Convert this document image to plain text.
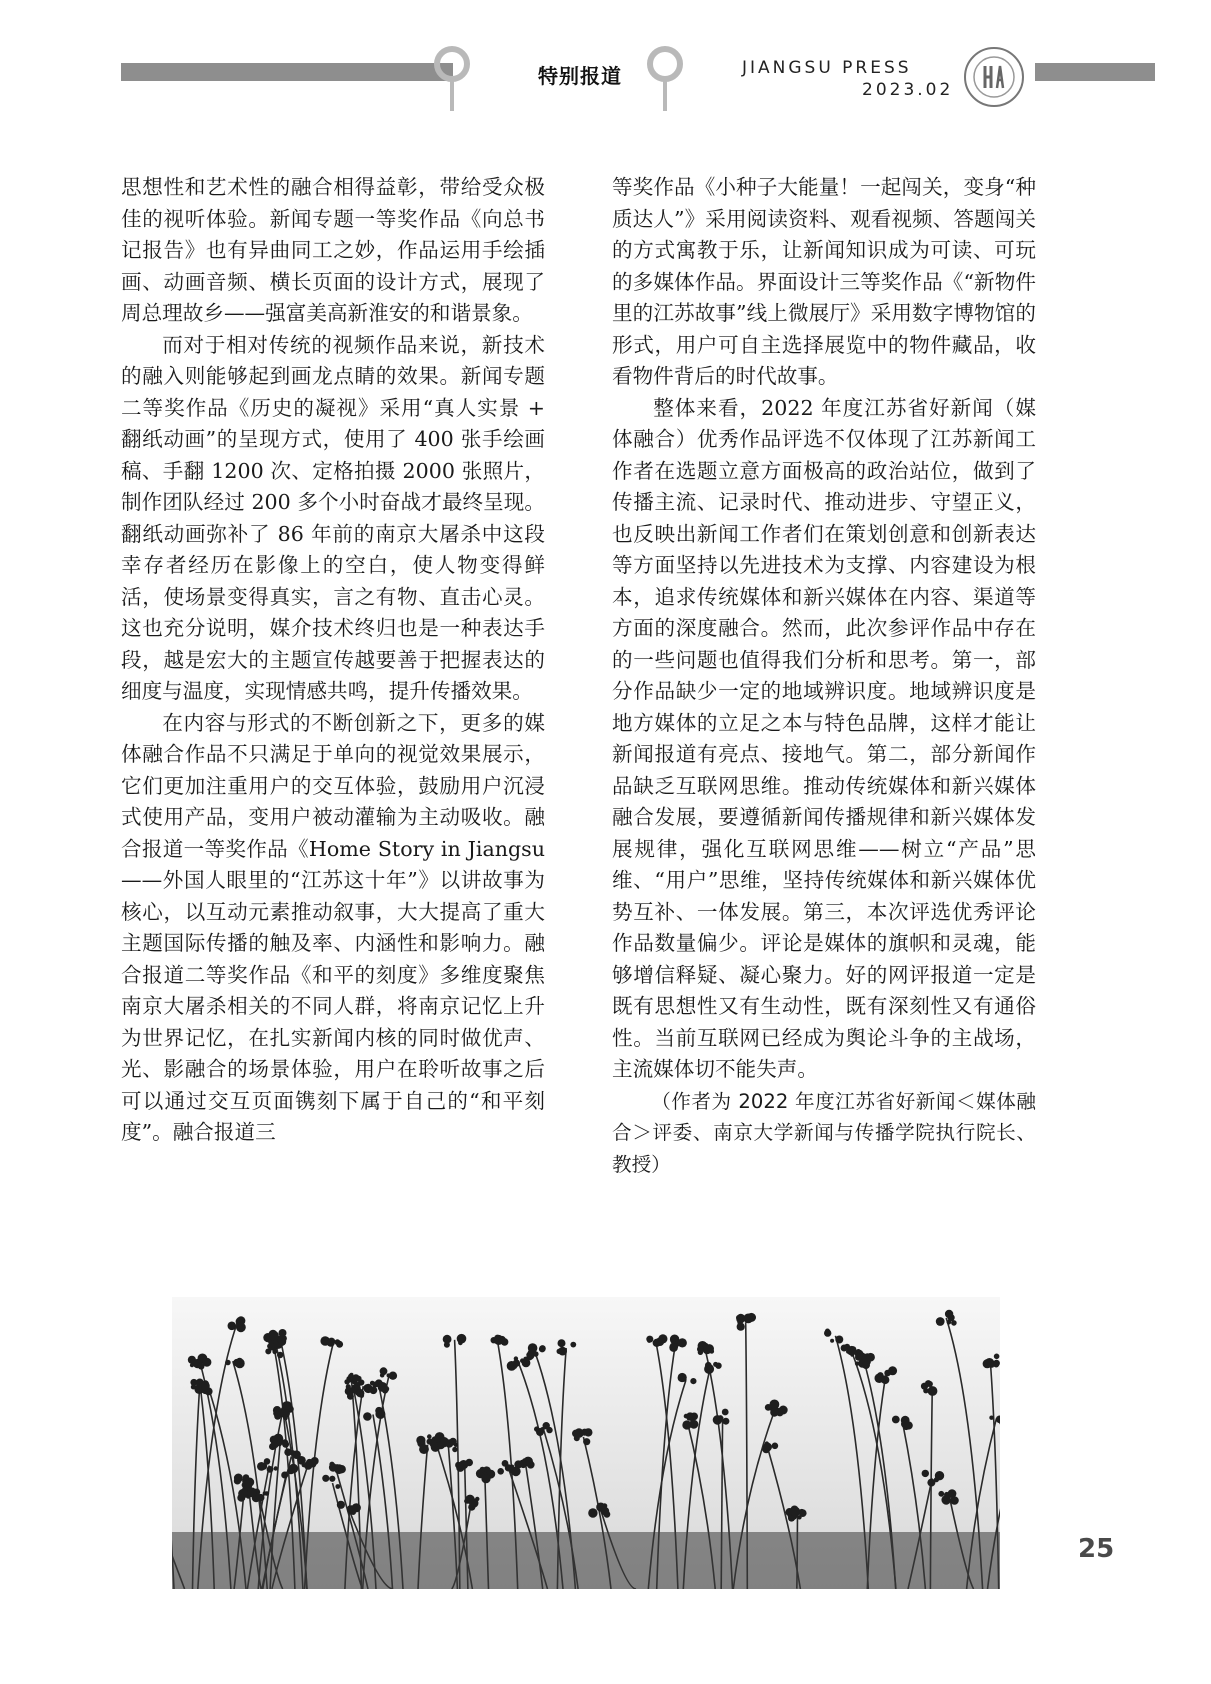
特别报道	JIANGSU PRESS
2023.02

思想性和艺术性的融合相得益彰，带给受众极佳的视听体验。新闻专题一等奖作品《向总书记报告》也有异曲同工之妙，作品运用手绘插画、动画音频、横长页面的设计方式，展现了周总理故乡——强富美高新淮安的和谐景象。

而对于相对传统的视频作品来说，新技术的融入则能够起到画龙点睛的效果。新闻专题二等奖作品《历史的凝视》采用“真人实景 + 翻纸动画”的呈现方式，使用了 400 张手绘画稿、手翻 1200 次、定格拍摄 2000 张照片，制作团队经过 200 多个小时奋战才最终呈现。翻纸动画弥补了 86 年前的南京大屠杀中这段幸存者经历在影像上的空白，使人物变得鲜活，使场景变得真实，言之有物、直击心灵。这也充分说明，媒介技术终归也是一种表达手段，越是宏大的主题宣传越要善于把握表达的细度与温度，实现情感共鸣，提升传播效果。

在内容与形式的不断创新之下，更多的媒体融合作品不只满足于单向的视觉效果展示，它们更加注重用户的交互体验，鼓励用户沉浸式使用产品，变用户被动灌输为主动吸收。融合报道一等奖作品《Home Story in Jiangsu ——外国人眼里的“江苏这十年”》以讲故事为核心，以互动元素推动叙事，大大提高了重大主题国际传播的触及率、内涵性和影响力。融合报道二等奖作品《和平的刻度》多维度聚焦南京大屠杀相关的不同人群，将南京记忆上升为世界记忆，在扎实新闻内核的同时做优声、光、影融合的场景体验，用户在聆听故事之后可以通过交互页面镌刻下属于自己的“和平刻度”。融合报道三

等奖作品《小种子大能量！一起闯关，变身“种质达人”》采用阅读资料、观看视频、答题闯关的方式寓教于乐，让新闻知识成为可读、可玩的多媒体作品。界面设计三等奖作品《“新物件里的江苏故事”线上微展厅》采用数字博物馆的形式，用户可自主选择展览中的物件藏品，收看物件背后的时代故事。

整体来看，2022 年度江苏省好新闻（媒体融合）优秀作品评选不仅体现了江苏新闻工作者在选题立意方面极高的政治站位，做到了传播主流、记录时代、推动进步、守望正义，也反映出新闻工作者们在策划创意和创新表达等方面坚持以先进技术为支撑、内容建设为根本，追求传统媒体和新兴媒体在内容、渠道等方面的深度融合。然而，此次参评作品中存在的一些问题也值得我们分析和思考。第一，部分作品缺少一定的地域辨识度。地域辨识度是地方媒体的立足之本与特色品牌，这样才能让新闻报道有亮点、接地气。第二，部分新闻作品缺乏互联网思维。推动传统媒体和新兴媒体融合发展，要遵循新闻传播规律和新兴媒体发展规律，强化互联网思维——树立“产品”思维、“用户”思维，坚持传统媒体和新兴媒体优势互补、一体发展。第三，本次评选优秀评论作品数量偏少。评论是媒体的旗帜和灵魂，能够增信释疑、凝心聚力。好的网评报道一定是既有思想性又有生动性，既有深刻性又有通俗性。当前互联网已经成为舆论斗争的主战场，主流媒体切不能失声。

（作者为 2022 年度江苏省好新闻＜媒体融合＞评委、南京大学新闻与传播学院执行院长、教授）

25
